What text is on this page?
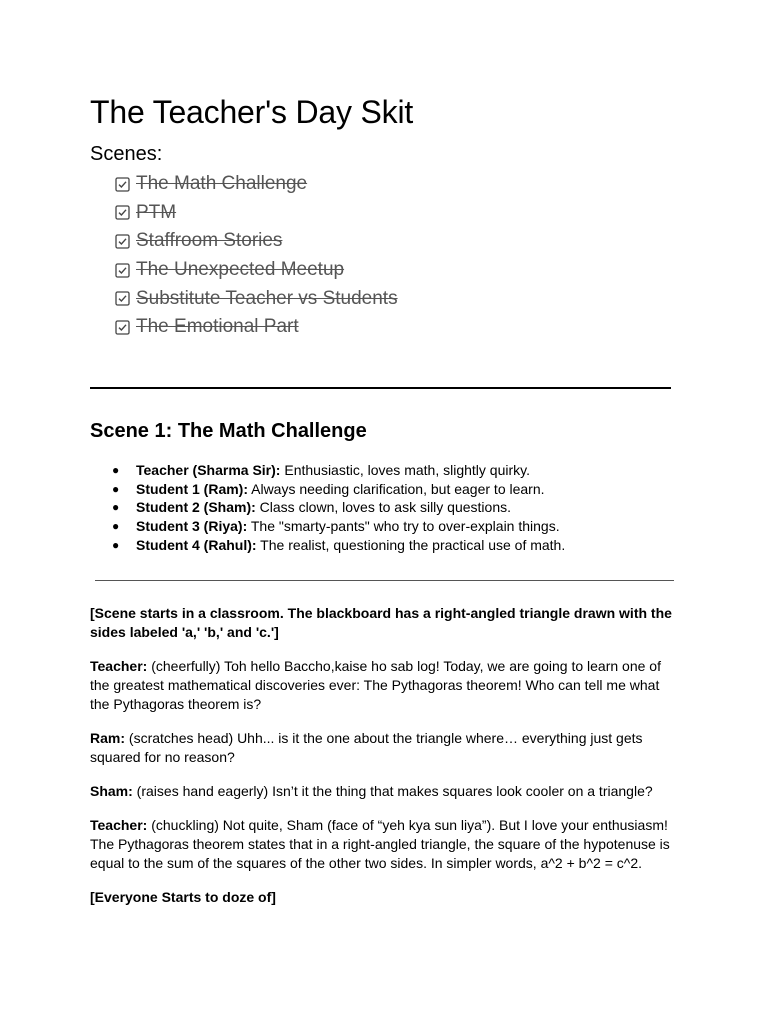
The Teacher's Day Skit
Scenes:
The Math Challenge
PTM
Staffroom Stories
The Unexpected Meetup
Substitute Teacher vs Students
The Emotional Part
Scene 1: The Math Challenge
●	Teacher (Sharma Sir): Enthusiastic, loves math, slightly quirky.
●	Student 1 (Ram): Always needing clarification, but eager to learn.
●	Student 2 (Sham): Class clown, loves to ask silly questions.
●	Student 3 (Riya): The "smarty-pants" who try to over-explain things.
●	Student 4 (Rahul): The realist, questioning the practical use of math.

[Scene starts in a classroom. The blackboard has a right-angled triangle drawn with the sides labeled 'a,' 'b,' and 'c.']

Teacher: (cheerfully) Toh hello Baccho,kaise ho sab log! Today, we are going to learn one of the greatest mathematical discoveries ever: The Pythagoras theorem! Who can tell me what the Pythagoras theorem is?

Ram: (scratches head) Uhh... is it the one about the triangle where… everything just gets squared for no reason?

Sham: (raises hand eagerly) Isn’t it the thing that makes squares look cooler on a triangle?

Teacher: (chuckling) Not quite, Sham (face of “yeh kya sun liya”). But I love your enthusiasm! The Pythagoras theorem states that in a right-angled triangle, the square of the hypotenuse is equal to the sum of the squares of the other two sides. In simpler words, a^2 + b^2 = c^2.

[Everyone Starts to doze of]
